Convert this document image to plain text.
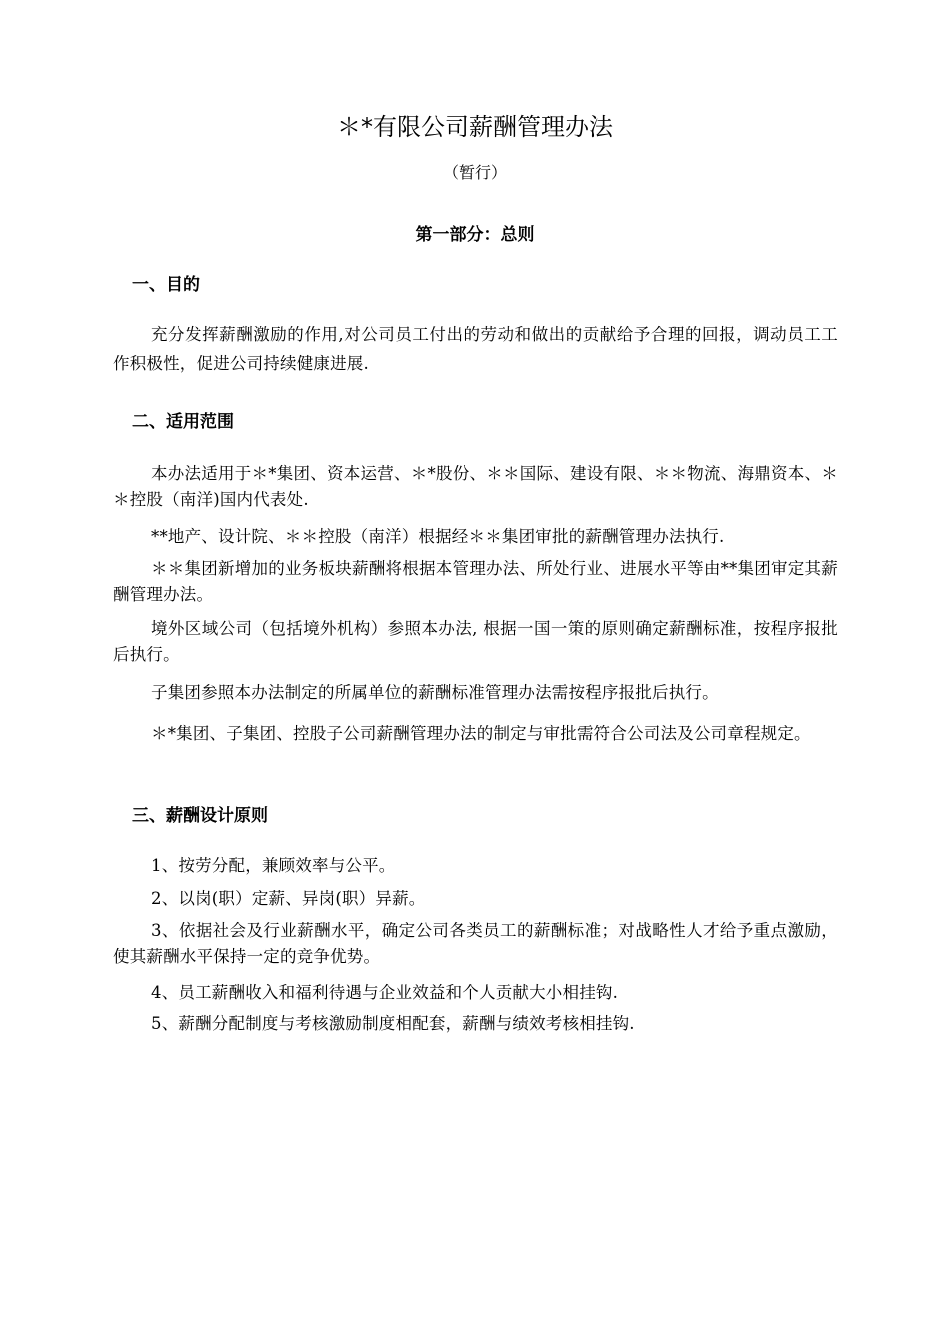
＊*有限公司薪酬管理办法
（暂行）
第一部分：总则
一、目的
充分发挥薪酬激励的作用,对公司员工付出的劳动和做出的贡献给予合理的回报，调动员工工作积极性，促进公司持续健康进展.
二、适用范围
本办法适用于＊*集团、资本运营、＊*股份、＊＊国际、建设有限、＊＊物流、海鼎资本、＊＊控股（南洋)国内代表处.
**地产、设计院、＊＊控股（南洋）根据经＊＊集团审批的薪酬管理办法执行.
＊＊集团新增加的业务板块薪酬将根据本管理办法、所处行业、进展水平等由**集团审定其薪酬管理办法。
境外区域公司（包括境外机构）参照本办法, 根据一国一策的原则确定薪酬标准，按程序报批后执行。
子集团参照本办法制定的所属单位的薪酬标准管理办法需按程序报批后执行。
＊*集团、子集团、控股子公司薪酬管理办法的制定与审批需符合公司法及公司章程规定。
三、薪酬设计原则
1、按劳分配，兼顾效率与公平。
2、以岗(职）定薪、异岗(职）异薪。
3、依据社会及行业薪酬水平，确定公司各类员工的薪酬标准；对战略性人才给予重点激励，使其薪酬水平保持一定的竞争优势。
4、员工薪酬收入和福利待遇与企业效益和个人贡献大小相挂钩.
5、薪酬分配制度与考核激励制度相配套，薪酬与绩效考核相挂钩.
